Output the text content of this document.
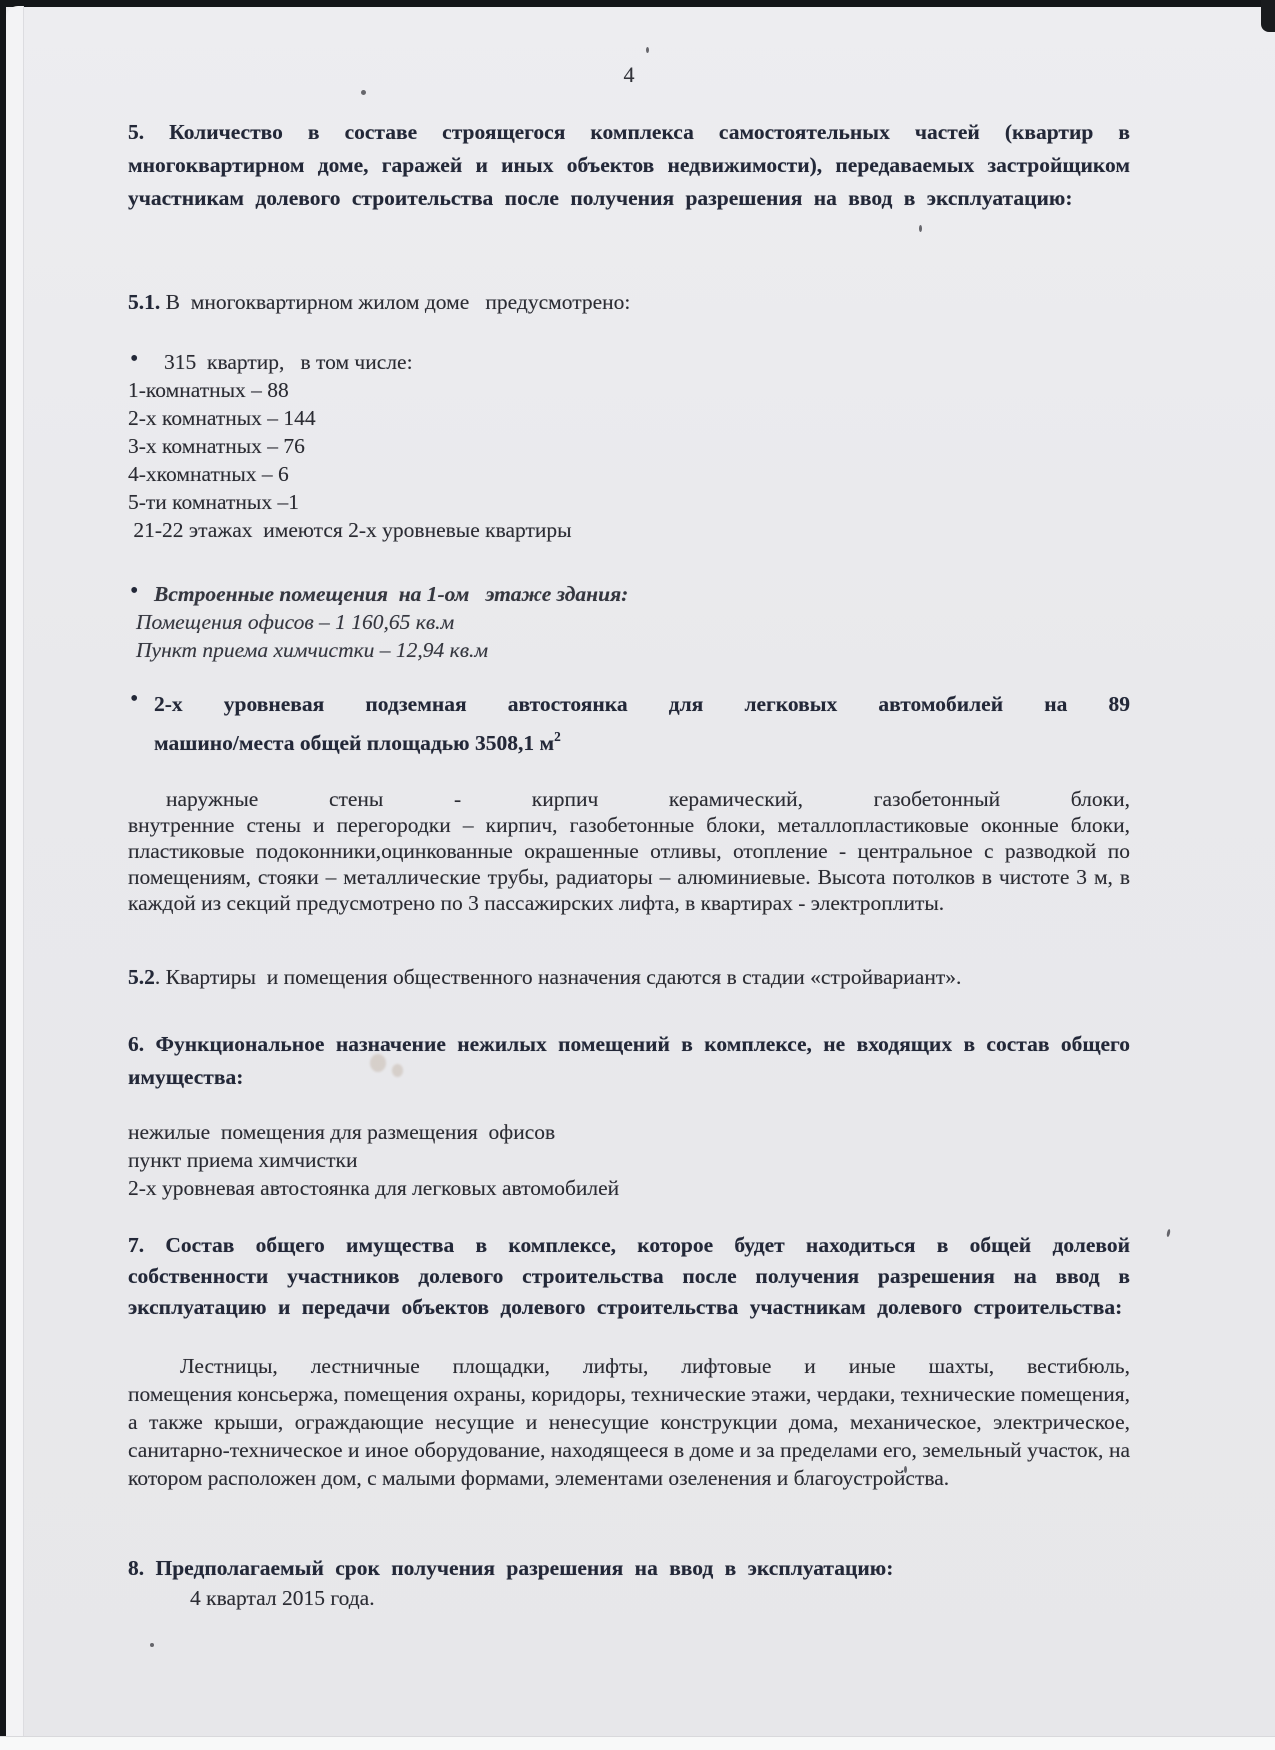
4
5. Количество в составе строящегося комплекса самостоятельных частей (квартир в многоквартирном доме, гаражей и иных объектов недвижимости), передаваемых застройщиком участникам долевого строительства после получения разрешения на ввод в эксплуатацию:
5.1. В  многоквартирном жилом доме   предусмотрено:
• 315  квартир,   в том числе:
1-комнатных – 88
2-х комнатных – 144
3-х комнатных – 76
4-хкомнатных – 6
5-ти комнатных –1
21-22 этажах  имеются 2-х уровневые квартиры
• Встроенные помещения  на 1-ом   этаже здания:
Помещения офисов – 1 160,65 кв.м
Пункт приема химчистки – 12,94 кв.м
• 2-х уровневая подземная автостоянка для легковых автомобилей на 89
машино/места общей площадью 3508,1 $м^2$
наружные стены - кирпич керамический, газобетонный блоки,
внутренние стены и перегородки – кирпич, газобетонные блоки, металлопластиковые оконные блоки, пластиковые подоконники,оцинкованные окрашенные отливы, отопление - центральное с разводкой по помещениям, стояки – металлические трубы, радиаторы – алюминиевые. Высота потолков в чистоте 3 м, в каждой из секций предусмотрено по 3 пассажирских лифта, в квартирах - электроплиты.
5.2. Квартиры  и помещения общественного назначения сдаются в стадии «стройвариант».
6. Функциональное назначение нежилых помещений в комплексе, не входящих в состав общего имущества:
нежилые  помещения для размещения  офисов
пункт приема химчистки
2-х уровневая автостоянка для легковых автомобилей
7. Состав общего имущества в комплексе, которое будет находиться в общей долевой собственности участников долевого строительства после получения разрешения на ввод в эксплуатацию и передачи объектов долевого строительства участникам долевого строительства:
Лестницы, лестничные площадки, лифты, лифтовые и иные шахты, вестибюль,
помещения консьержа, помещения охраны, коридоры, технические этажи, чердаки, технические помещения, а также крыши, ограждающие несущие и ненесущие конструкции дома, механическое, электрическое, санитарно-техническое и иное оборудование, находящееся в доме и за пределами его, земельный участок, на котором расположен дом, с малыми формами, элементами озеленения и благоустройства.
8. Предполагаемый срок получения разрешения на ввод в эксплуатацию:
4 квартал 2015 года.
